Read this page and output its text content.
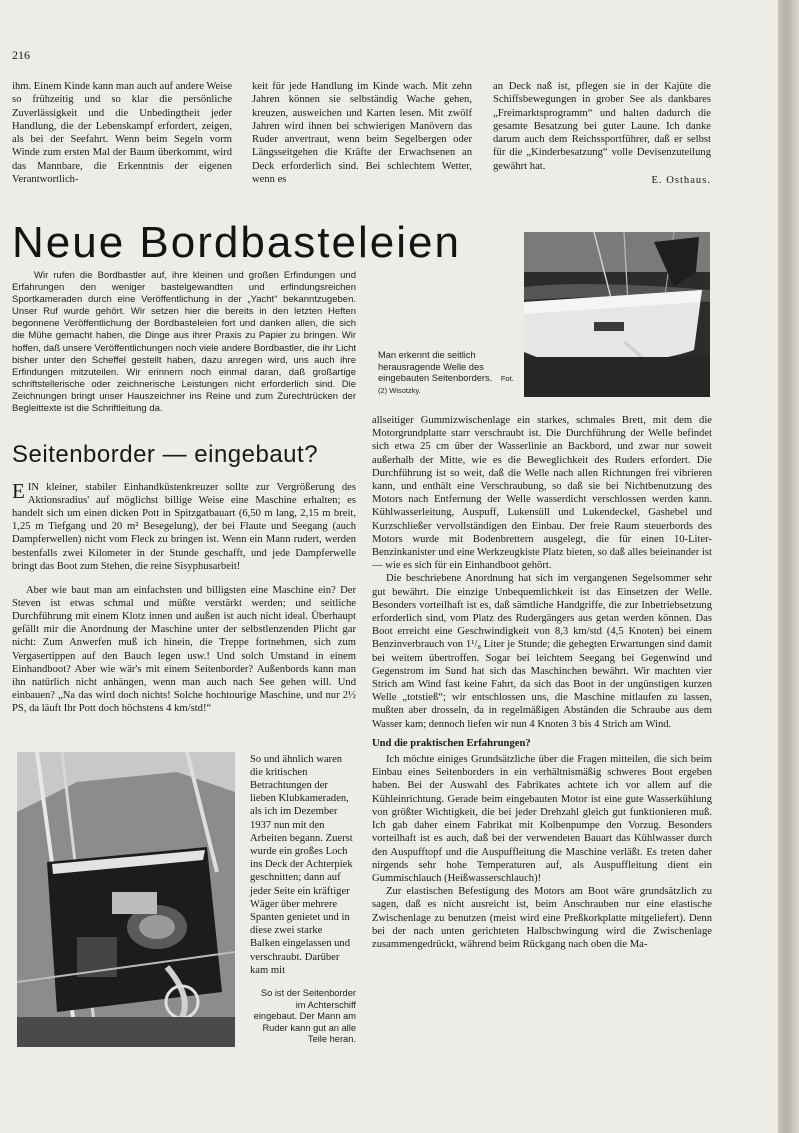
216

ihm. Einem Kinde kann man auch auf andere Weise so frühzeitig und so klar die persönliche Zuverlässigkeit und die Unbedingtheit jeder Handlung, die der Lebenskampf erfordert, zeigen, als bei der Seefahrt. Wenn beim Segeln vorm Winde zum ersten Mal der Baum überkommt, wird das Mannbare, die Erkenntnis der eigenen Verantwortlich-

keit für jede Handlung im Kinde wach. Mit zehn Jahren können sie selbständig Wache gehen, kreuzen, ausweichen und Karten lesen. Mit zwölf Jahren wird ihnen bei schwierigen Manövern das Ruder anvertraut, wenn beim Segelbergen oder Längsseitgehen die Kräfte der Erwachsenen an Deck erforderlich sind. Bei schlechtem Wetter, wenn es

an Deck naß ist, pflegen sie in der Kajüte die Schiffsbewegungen in grober See als dankbares „Freimarktsprogramm“ und halten dadurch die gesamte Besatzung bei guter Laune. Ich danke darum auch dem Reichssportführer, daß er selbst für die „Kinderbesatzung“ volle Devisenzuteilung gewährt hat.

E. Osthaus.
Neue Bordbasteleien
Wir rufen die Bordbastler auf, ihre kleinen und großen Erfindungen und Erfahrungen den weniger bastelgewandten und erfindungsreichen Sportkameraden durch eine Veröffentlichung in der „Yacht“ bekanntzugeben. Unser Ruf wurde gehört. Wir setzen hier die bereits in den letzten Heften begonnene Veröffentlichung der Bordbasteleien fort und danken allen, die sich die Mühe gemacht haben, die Dinge aus ihrer Praxis zu Papier zu bringen. Wir hoffen, daß unsere Veröffentlichungen noch viele andere Bordbastler, die ihr Licht bisher unter den Scheffel gestellt haben, dazu anregen wird, uns auch ihre Erfindungen mitzuteilen. Wir erinnern noch einmal daran, daß großartige schriftstellerische oder zeichnerische Leistungen nicht erforderlich sind. Die Zeichnungen bringt unser Hauszeichner ins Reine und zum Zurechtrücken der Begleittexte ist die Schriftleitung da.
Man erkennt die seitlich herausragende Welle des eingebauten Seitenborders. Fot. (2) Wisotzky.
Seitenborder — eingebaut?

E IN kleiner, stabiler Einhandküstenkreuzer sollte zur Vergrößerung des Aktionsradius' auf möglichst billige Weise eine Maschine erhalten; es handelt sich um einen dicken Pott in Spitzgatbauart (6,50 m lang, 2,15 m breit, 1,25 m Tiefgang und 20 m² Besegelung), der bei Flaute und Seegang (auch Dampferwellen) nicht vom Fleck zu bringen ist. Wenn ein Mann rudert, werden bestenfalls zwei Kilometer in der Stunde geschafft, und jede Dampferwelle bringt das Boot zum Stehen, die reine Sisyphusarbeit!

Aber wie baut man am einfachsten und billigsten eine Maschine ein? Der Steven ist etwas schmal und müßte verstärkt werden; und seitliche Durchführung mit einem Klotz innen und außen ist auch nicht ideal. Überhaupt gefällt mir die Anordnung der Maschine unter der selbstlenzenden Plicht gar nicht: Zum Anwerfen muß ich hinein, die Treppe fortnehmen, sich zum Vergasertippen auf den Bauch legen usw.! Und solch Umstand in einem Einhandboot? Aber wie wär's mit einem Seitenborder? Außenbords kann man ihn natürlich nicht anhängen, wenn man auch nach See gehen will. Und einbauen? „Na das wird doch nichts! Solche hochtourige Maschine, und nur 2½ PS, da läuft Ihr Pott doch höchstens 4 km/std!“

So und ähnlich waren die kritischen Betrachtungen der lieben Klubkameraden, als ich im Dezember 1937 nun mit den Arbeiten begann. Zuerst wurde ein großes Loch ins Deck der Achterpiek geschnitten; dann auf jeder Seite ein kräftiger Wäger über mehrere Spanten genietet und in diese zwei starke Balken eingelassen und verschraubt. Darüber kam mit

So ist der Seitenborder im Achterschiff eingebaut. Der Mann am Ruder kann gut an alle Teile heran.

allseitiger Gummizwischenlage ein starkes, schmales Brett, mit dem die Motorgrundplatte starr verschraubt ist. Die Durchführung der Welle befindet sich etwa 25 cm über der Wasserlinie an Backbord, und zwar nur soweit außerhalb der Mitte, wie es die Beweglichkeit des Ruders erfordert. Die Durchführung ist so weit, daß die Welle nach allen Richtungen frei vibrieren kann, und enthält eine Verschraubung, so daß sie bei Nichtbenutzung des Motors nach Entfernung der Welle wasserdicht verschlossen werden kann. Kühlwasserleitung, Auspuff, Lukensüll und Lukendeckel, Gashebel und Kurzschließer vervollständigen den Einbau. Der freie Raum steuerbords des Motors wurde mit Bodenbrettern ausgelegt, die für einen 10-Liter-Benzinkanister und eine Werkzeugkiste Platz bieten, so daß alles beieinander ist — wie es sich für ein Einhandboot gehört.

Die beschriebene Anordnung hat sich im vergangenen Segelsommer sehr gut bewährt. Die einzige Unbequemlichkeit ist das Einsetzen der Welle. Besonders vorteilhaft ist es, daß sämtliche Handgriffe, die zur Inbetriebsetzung erforderlich sind, vom Platz des Rudergängers aus getan werden können. Das Boot erreicht eine Geschwindigkeit von 8,3 km/std (4,5 Knoten) bei einem Benzinverbrauch von 1¹/₈ Liter je Stunde; die gehegten Erwartungen sind damit bei weitem übertroffen. Sogar bei leichtem Seegang bei Gegenwind und Gegenstrom im Sund hat sich das Maschinchen bewährt. Wir machten vier Strich am Wind fast keine Fahrt, da sich das Boot in der ungünstigen kurzen Welle „totstieß“; wir entschlossen uns, die Maschine mitlaufen zu lassen, mußten aber drosseln, da in regelmäßigen Abständen die Schraube aus dem Wasser kam; dennoch liefen wir nun 4 Knoten 3 bis 4 Strich am Wind.

Und die praktischen Erfahrungen?

Ich möchte einiges Grundsätzliche über die Fragen mitteilen, die sich beim Einbau eines Seitenborders in ein verhältnismäßig schweres Boot ergeben haben. Bei der Auswahl des Fabrikates achtete ich vor allem auf die Kühleinrichtung. Gerade beim eingebauten Motor ist eine gute Wasserkühlung von größter Wichtigkeit, die bei jeder Drehzahl gleich gut funktionieren muß. Ich gab daher einem Fabrikat mit Kolbenpumpe den Vorzug. Besonders vorteilhaft ist es auch, daß bei der verwendeten Bauart das Kühlwasser durch den Auspufftopf und die Auspuffleitung die Maschine verläßt. Es treten daher nirgends sehr hohe Temperaturen auf, als Auspuffleitung dient ein Gummischlauch (Heißwasserschlauch)!

Zur elastischen Befestigung des Motors am Boot wäre grundsätzlich zu sagen, daß es nicht ausreicht ist, beim Anschrauben nur eine elastische Zwischenlage zu benutzen (meist wird eine Preßkorkplatte mitgeliefert). Denn bei der nach unten gerichteten Halbschwingung wird die Zwischenlage zusammengedrückt, während beim Rückgang nach oben die Ma-
